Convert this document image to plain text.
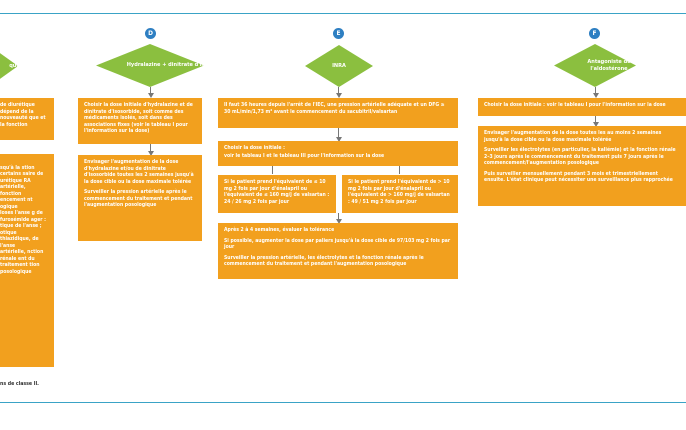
ques

de diurétique dépend de la nouveauté que et la fonction

squ'à la stion certains saire de urétique RA
artérielle, fonction encement nt ogique
loses l'anse g de furosémide ager : tique de l'anse ; otique thiazidique, de l'anse
artérielle, nction rénale ent du traitement tion posologique

D
Hydralazine + dinitrate d'isosorbide

Choisir la dose initiale d'hydralazine et de dinitrate d'isosorbide, soit comme des médicaments isolés, soit dans des associations fixes (voir le tableau I pour l'information sur la dose)

Envisager l'augmentation de la dose d'hydralazine et/ou de dinitrate d'isosorbide toutes les 2 semaines jusqu'à la dose cible ou la dose maximale tolérée

Surveiller la pression artérielle après le commencement du traitement et pendant l'augmentation posologique

E
INRA

Il faut 36 heures depuis l'arrêt de l'IEC, une pression artérielle adéquate et un DFG ≥ 30 mL/min/1,73 m² avant le commencement du sacubitril/valsartan

Choisir la dose initiale :

voir le tableau I et le tableau III pour l'information sur la dose

Si le patient prend l'équivalent de ≤ 10 mg 2 fois par jour d'énalapril ou l'équivalent de ≤ 160 mg/j de valsartan : 24 / 26 mg 2 fois par jour

Si le patient prend l'équivalent de > 10 mg 2 fois par jour d'énalapril ou l'équivalent de > 160 mg/j de valsartan : 49 / 51 mg 2 fois par jour

Après 2 à 4 semaines, évaluer la tolérance

Si possible, augmenter la dose par paliers jusqu'à la dose cible de 97/103 mg 2 fois par jour

Surveiller la pression artérielle, les électrolytes et la fonction rénale après le commencement du traitement et pendant l'augmentation posologique

F
Antagoniste de l'aldostérone

Choisir la dose initiale : voir le tableau I pour l'information sur la dose

Envisager l'augmentation de la dose toutes les au moins 2 semaines jusqu'à la dose cible ou la dose maximale tolérée

Surveiller les électrolytes (en particulier, la kaliémie) et la fonction rénale 2–3 jours après le commencement du traitement puis 7 jours après le commencement/l'augmentation posologique

Puis surveiller mensuellement pendant 3 mois et trimestriellement ensuite. L'état clinique peut nécessiter une surveillance plus rapprochée

ns de classe II.
